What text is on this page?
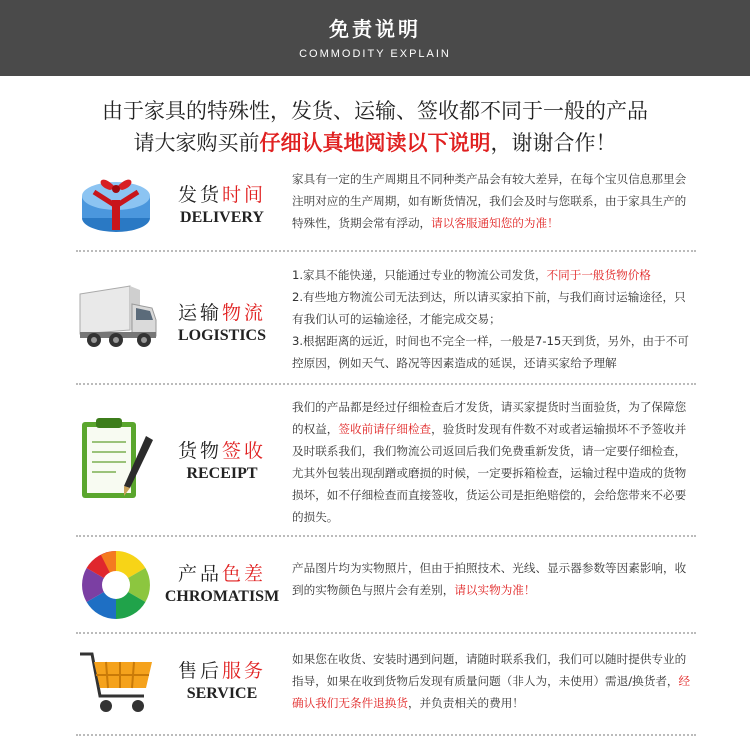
免责说明
COMMODITY EXPLAIN
由于家具的特殊性，发货、运输、签收都不同于一般的产品
请大家购买前仔细认真地阅读以下说明，谢谢合作！
发货时间
DELIVERY
家具有一定的生产周期且不同种类产品会有较大差异，在每个宝贝信息那里会注明对应的生产周期，如有断货情况，我们会及时与您联系，由于家具生产的特殊性，货期会常有浮动，请以客服通知您的为准！
运输物流
LOGISTICS
1.家具不能快递，只能通过专业的物流公司发货，不同于一般货物价格
2.有些地方物流公司无法到达，所以请买家拍下前，与我们商讨运输途径，只有我们认可的运输途径，才能完成交易；
3.根据距离的远近，时间也不完全一样，一般是7-15天到货，另外，由于不可控原因，例如天气、路况等因素造成的延误，还请买家给予理解
货物签收
RECEIPT
我们的产品都是经过仔细检查后才发货，请买家提货时当面验货，为了保障您的权益，签收前请仔细检查，验货时发现有件数不对或者运输损坏不予签收并及时联系我们，我们物流公司返回后我们免费重新发货，请一定要仔细检查，尤其外包装出现刮蹭或磨损的时候，一定要拆箱检查，运输过程中造成的货物损坏，如不仔细检查而直接签收，货运公司是拒绝赔偿的，会给您带来不必要的损失。
产品色差
CHROMATISM
产品图片均为实物照片，但由于拍照技术、光线、显示器参数等因素影响，收到的实物颜色与照片会有差别，请以实物为准！
售后服务
SERVICE
如果您在收货、安装时遇到问题，请随时联系我们，我们可以随时提供专业的指导，如果在收到货物后发现有质量问题（非人为，未使用）需退/换货者，经确认我们无条件退换货，并负责相关的费用！
